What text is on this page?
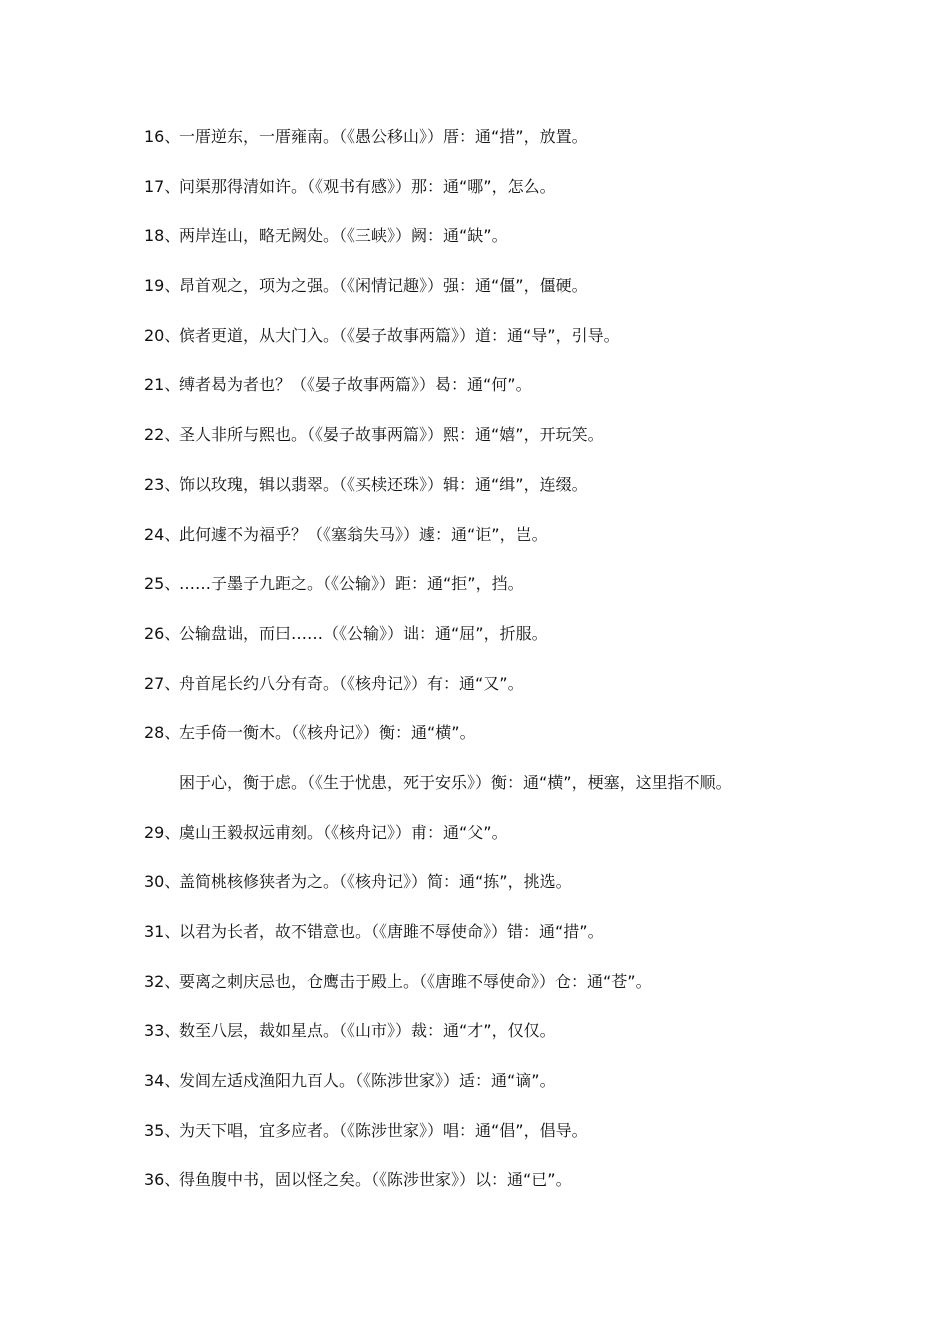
16、
一厝逆东，一厝雍南。（《愚公移山》）厝：通“措”，放置。
17、
问渠那得清如许。（《观书有感》）那：通“哪”，怎么。
18、
两岸连山，略无阙处。（《三峡》）阙：通“缺”。
19、
昂首观之，项为之强。（《闲情记趣》）强：通“僵”，僵硬。
20、
傧者更道，从大门入。（《晏子故事两篇》）道：通“导”，引导。
21、
缚者曷为者也？（《晏子故事两篇》）曷：通“何”。
22、
圣人非所与熙也。（《晏子故事两篇》）熙：通“嬉”，开玩笑。
23、
饰以玫瑰，辑以翡翠。（《买椟还珠》）辑：通“缉”，连缀。
24、
此何遽不为福乎？（《塞翁失马》）遽：通“讵”，岂。
25、
……子墨子九距之。（《公输》）距：通“拒”，挡。
26、
公输盘诎，而曰……（《公输》）诎：通“屈”，折服。
27、
舟首尾长约八分有奇。（《核舟记》）有：通“又”。
28、
左手倚一衡木。（《核舟记》）衡：通“横”。
困于心，衡于虑。（《生于忧患，死于安乐》）衡：通“横”，梗塞，这里指不顺。
29、
虞山王毅叔远甫刻。（《核舟记》）甫：通“父”。
30、
盖简桃核修狭者为之。（《核舟记》）简：通“拣”，挑选。
31、
以君为长者，故不错意也。（《唐雎不辱使命》）错：通“措”。
32、
要离之刺庆忌也，仓鹰击于殿上。（《唐雎不辱使命》）仓：通“苍”。
33、
数至八层，裁如星点。（《山市》）裁：通“才”，仅仅。
34、
发闾左适戍渔阳九百人。（《陈涉世家》）适：通“谪”。
35、
为天下唱，宜多应者。（《陈涉世家》）唱：通“倡”，倡导。
36、
得鱼腹中书，固以怪之矣。（《陈涉世家》）以：通“已”。
